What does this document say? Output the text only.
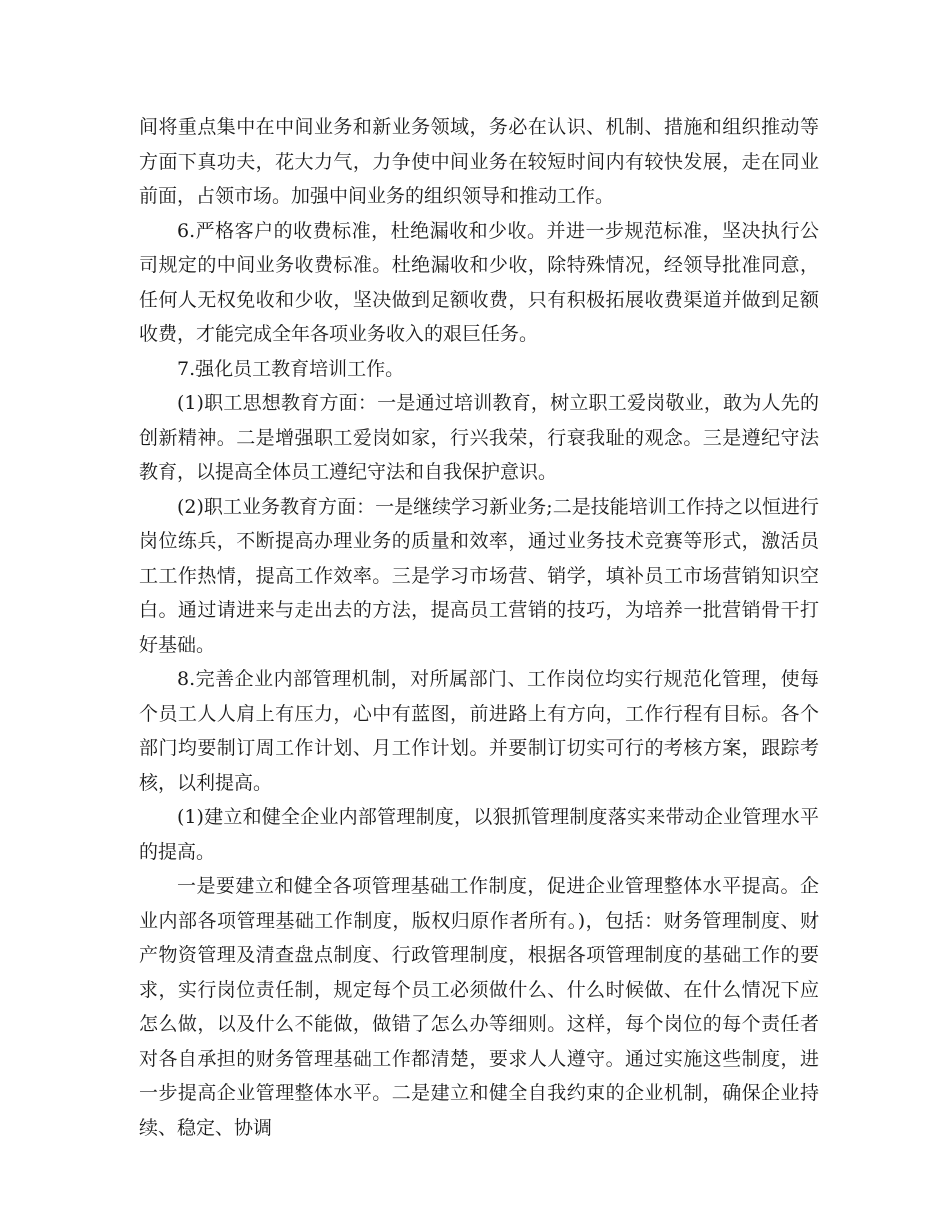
间将重点集中在中间业务和新业务领域，务必在认识、机制、措施和组织推动等方面下真功夫，花大力气，力争使中间业务在较短时间内有较快发展，走在同业前面，占领市场。加强中间业务的组织领导和推动工作。

6.严格客户的收费标准，杜绝漏收和少收。并进一步规范标准，坚决执行公司规定的中间业务收费标准。杜绝漏收和少收，除特殊情况，经领导批准同意，任何人无权免收和少收，坚决做到足额收费，只有积极拓展收费渠道并做到足额收费，才能完成全年各项业务收入的艰巨任务。

7.强化员工教育培训工作。

(1)职工思想教育方面：一是通过培训教育，树立职工爱岗敬业，敢为人先的创新精神。二是增强职工爱岗如家，行兴我荣，行衰我耻的观念。三是遵纪守法教育，以提高全体员工遵纪守法和自我保护意识。

(2)职工业务教育方面：一是继续学习新业务;二是技能培训工作持之以恒进行岗位练兵，不断提高办理业务的质量和效率，通过业务技术竞赛等形式，激活员工工作热情，提高工作效率。三是学习市场营、销学，填补员工市场营销知识空白。通过请进来与走出去的方法，提高员工营销的技巧，为培养一批营销骨干打好基础。

8.完善企业内部管理机制，对所属部门、工作岗位均实行规范化管理，使每个员工人人肩上有压力，心中有蓝图，前进路上有方向，工作行程有目标。各个部门均要制订周工作计划、月工作计划。并要制订切实可行的考核方案，跟踪考核，以利提高。

(1)建立和健全企业内部管理制度，以狠抓管理制度落实来带动企业管理水平的提高。

一是要建立和健全各项管理基础工作制度，促进企业管理整体水平提高。企业内部各项管理基础工作制度，版权归原作者所有。)，包括：财务管理制度、财产物资管理及清查盘点制度、行政管理制度，根据各项管理制度的基础工作的要求，实行岗位责任制，规定每个员工必须做什么、什么时候做、在什么情况下应怎么做，以及什么不能做，做错了怎么办等细则。这样，每个岗位的每个责任者对各自承担的财务管理基础工作都清楚，要求人人遵守。通过实施这些制度，进一步提高企业管理整体水平。二是建立和健全自我约束的企业机制，确保企业持续、稳定、协调
